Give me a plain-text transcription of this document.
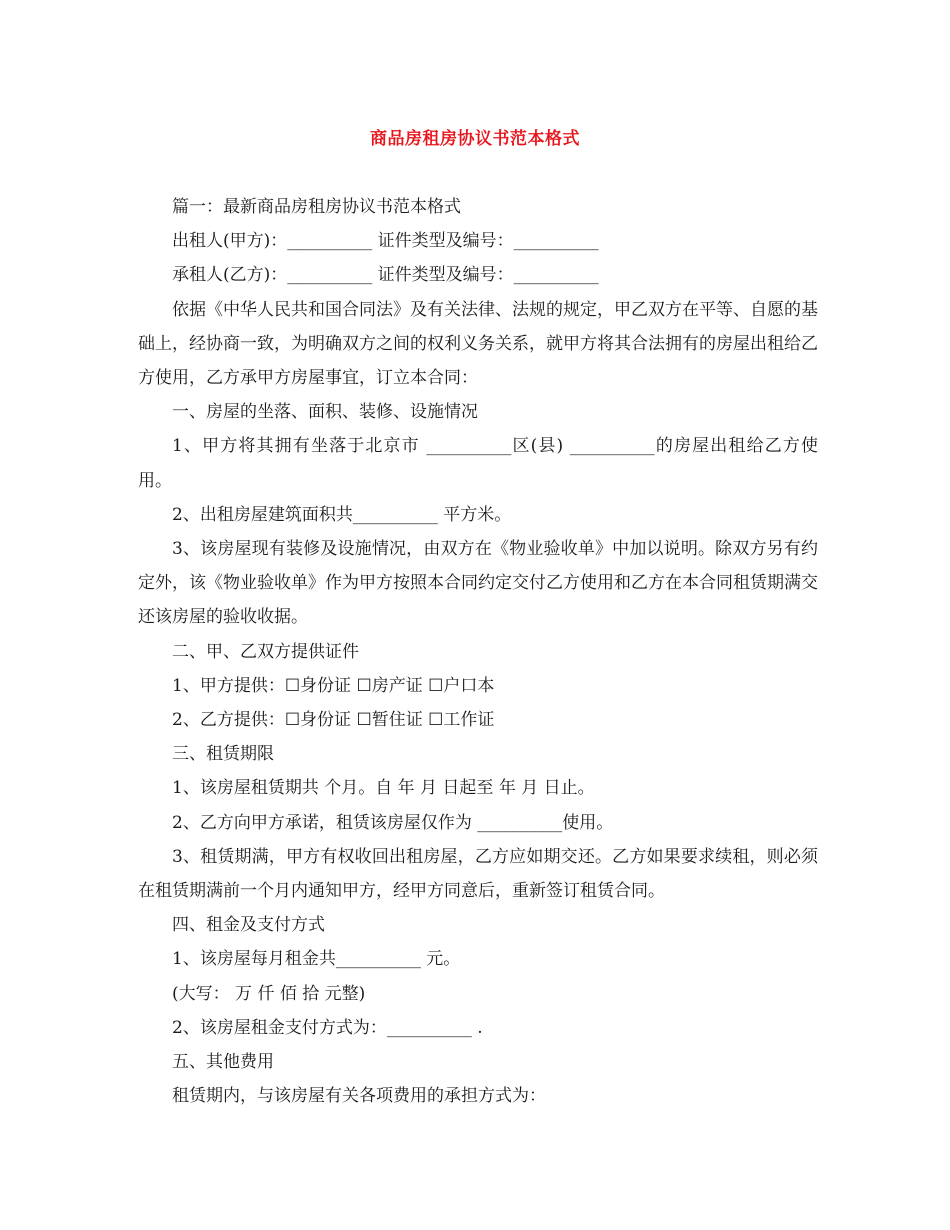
商品房租房协议书范本格式

篇一：最新商品房租房协议书范本格式

出租人(甲方)：__________ 证件类型及编号：__________

承租人(乙方)：__________ 证件类型及编号：__________

依据《中华人民共和国合同法》及有关法律、法规的规定，甲乙双方在平等、自愿的基础上，经协商一致，为明确双方之间的权利义务关系，就甲方将其合法拥有的房屋出租给乙方使用，乙方承甲方房屋事宜，订立本合同：

一、房屋的坐落、面积、装修、设施情况

1、甲方将其拥有坐落于北京市 __________区(县) __________的房屋出租给乙方使用。

2、出租房屋建筑面积共__________ 平方米。

3、该房屋现有装修及设施情况，由双方在《物业验收单》中加以说明。除双方另有约定外，该《物业验收单》作为甲方按照本合同约定交付乙方使用和乙方在本合同租赁期满交还该房屋的验收收据。

二、甲、乙双方提供证件

1、甲方提供：☐身份证 ☐房产证 ☐户口本

2、乙方提供：☐身份证 ☐暂住证 ☐工作证

三、租赁期限

1、该房屋租赁期共 个月。自 年 月 日起至 年 月 日止。

2、乙方向甲方承诺，租赁该房屋仅作为 __________使用。

3、租赁期满，甲方有权收回出租房屋，乙方应如期交还。乙方如果要求续租，则必须在租赁期满前一个月内通知甲方，经甲方同意后，重新签订租赁合同。

四、租金及支付方式

1、该房屋每月租金共__________ 元。

(大写： 万 仟 佰 拾 元整)

2、该房屋租金支付方式为：__________ .

五、其他费用

租赁期内，与该房屋有关各项费用的承担方式为：
